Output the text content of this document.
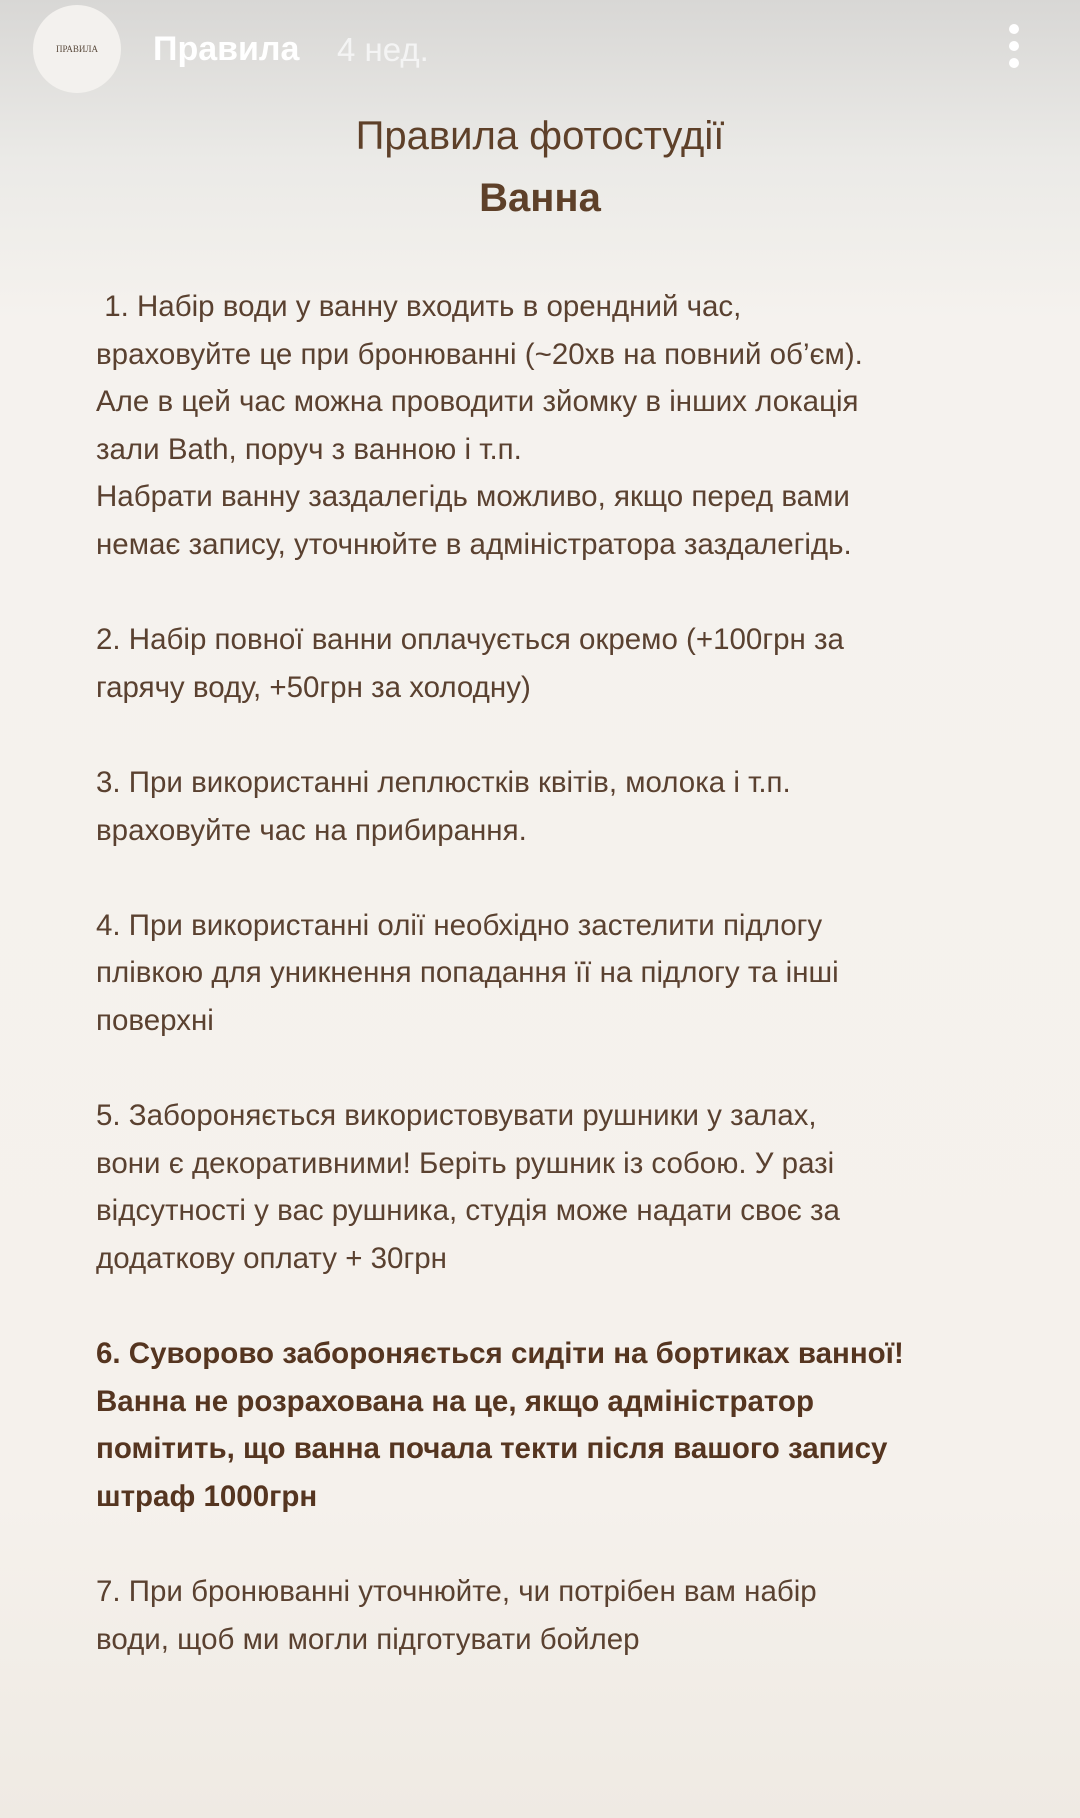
ПРАВИЛА Правила 4 нед.
Правила фотостудії
Ванна
1. Набір води у ванну входить в орендний час,
враховуйте це при бронюванні (~20хв на повний об’єм).
Але в цей час можна проводити зйомку в інших локація
зали Bath, поруч з ванною і т.п.
Набрати ванну заздалегідь можливо, якщо перед вами
немає запису, уточнюйте в адміністратора заздалегідь.
2. Набір повної ванни оплачується окремо (+100грн за
гарячу воду, +50грн за холодну)
3. При використанні леплюстків квітів, молока і т.п.
враховуйте час на прибирання.
4. При використанні олії необхідно застелити підлогу
плівкою для уникнення попадання її на підлогу та інші
поверхні
5. Забороняється використовувати рушники у залах,
вони є декоративними! Беріть рушник із собою. У разі
відсутності у вас рушника, студія може надати своє за
додаткову оплату + 30грн
6. Суворово забороняється сидіти на бортиках ванної!
Ванна не розрахована на це, якщо адміністратор
помітить, що ванна почала текти після вашого запису
штраф 1000грн
7. При бронюванні уточнюйте, чи потрібен вам набір
води, щоб ми могли підготувати бойлер
